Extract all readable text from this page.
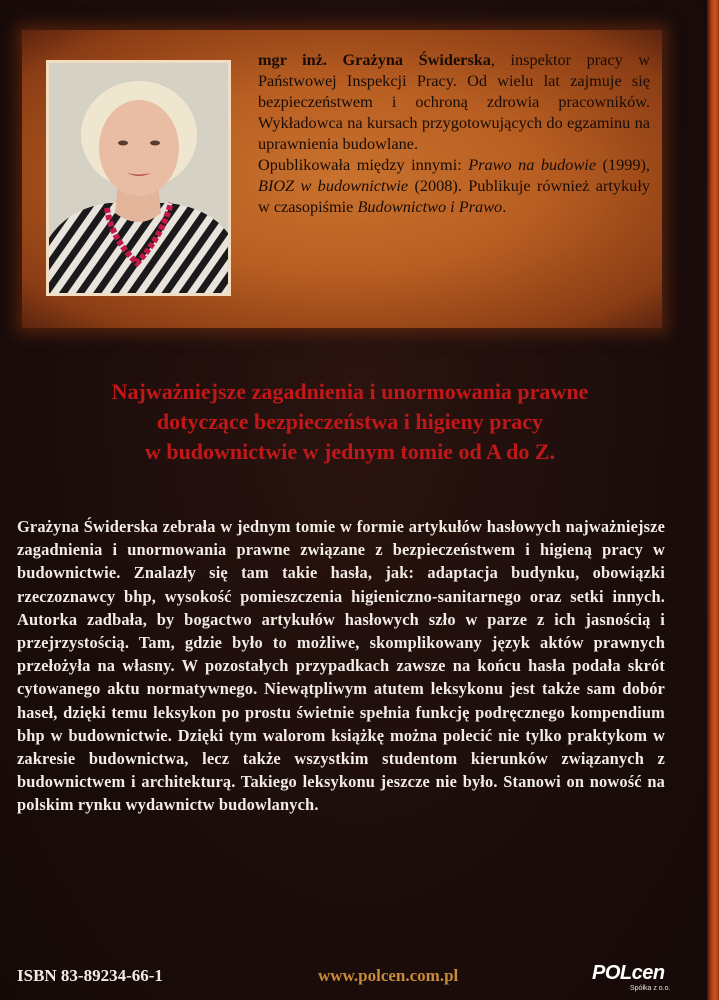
mgr inż. Grażyna Świderska, inspektor pracy w Państwowej Inspekcji Pracy. Od wielu lat zajmuje się bezpieczeństwem i ochroną zdrowia pracowników. Wykładowca na kursach przygotowujących do egzaminu na uprawnienia budowlane.
Opublikowała między innymi: Prawo na budowie (1999), BIOZ w budownictwie (2008). Publikuje również artykuły w czasopiśmie Budownictwo i Prawo.
Najważniejsze zagadnienia i unormowania prawne
dotyczące bezpieczeństwa i higieny pracy
w budownictwie w jednym tomie od A do Z.
Grażyna Świderska zebrała w jednym tomie w formie artykułów hasłowych najważniejsze zagadnienia i unormowania prawne związane z bezpieczeństwem i higieną pracy w budownictwie. Znalazły się tam takie hasła, jak: adaptacja budynku, obowiązki rzeczoznawcy bhp, wysokość pomieszczenia higieniczno-sanitarnego oraz setki innych. Autorka zadbała, by bogactwo artykułów hasłowych szło w parze z ich jasnością i przejrzystością. Tam, gdzie było to możliwe, skomplikowany język aktów prawnych przełożyła na własny. W pozostałych przypadkach zawsze na końcu hasła podała skrót cytowanego aktu normatywnego. Niewątpliwym atutem leksykonu jest także sam dobór haseł, dzięki temu leksykon po prostu świetnie spełnia funkcję podręcznego kompendium bhp w budownictwie. Dzięki tym walorom książkę można polecić nie tylko praktykom w zakresie budownictwa, lecz także wszystkim studentom kierunków związanych z budownictwem i architekturą. Takiego leksykonu jeszcze nie było. Stanowi on nowość na polskim rynku wydawnictw budowlanych.
ISBN 83-89234-66-1	www.polcen.com.pl	POLcen
Spółka z o.o.
